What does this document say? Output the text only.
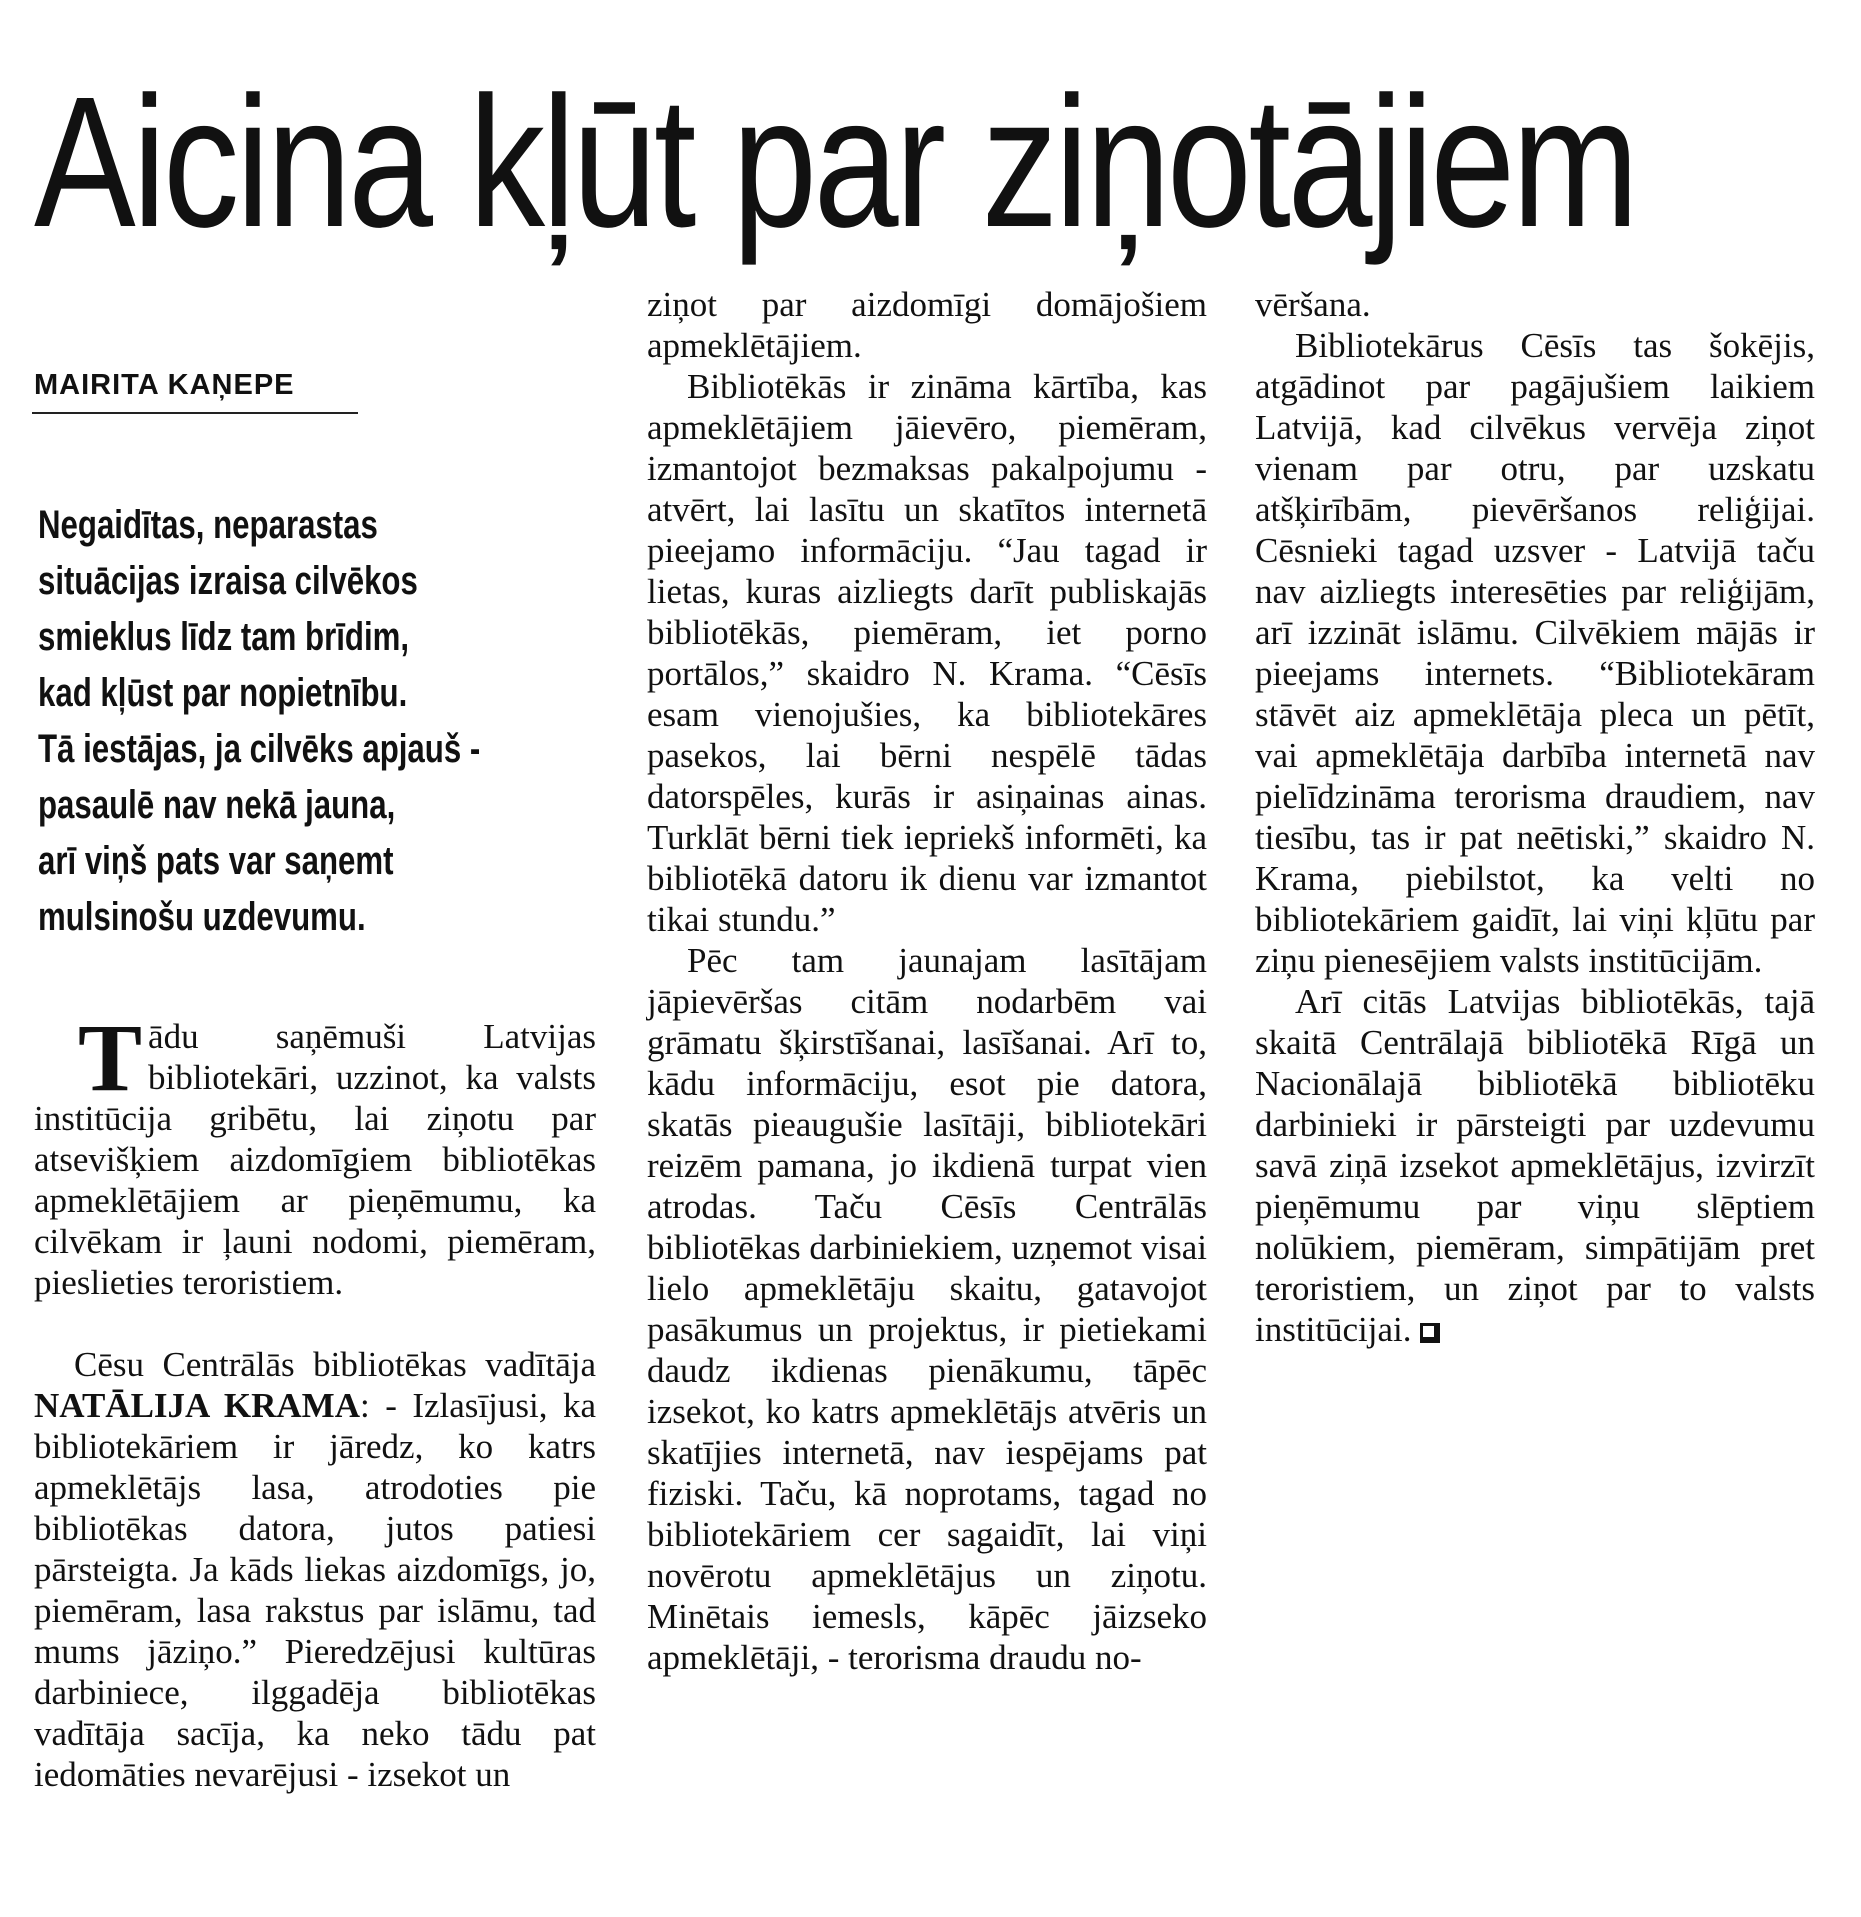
Aicina kļūt par ziņotājiem
MAIRITA KAŅEPE
Negaidītas, neparastas
situācijas izraisa cilvēkos
smieklus līdz tam brīdim,
kad kļūst par nopietnību.
Tā iestājas, ja cilvēks apjauš -
pasaulē nav nekā jauna,
arī viņš pats var saņemt
mulsinošu uzdevumu.

Tādu saņēmuši Latvijas bibliotekāri, uzzinot, ka valsts institūcija gribētu, lai ziņotu par atsevišķiem aizdomīgiem bibliotēkas apmeklētājiem ar pieņēmumu, ka cilvēkam ir ļauni nodomi, piemēram, pieslieties teroristiem.

Cēsu Centrālās bibliotēkas vadītāja NATĀLIJA KRAMA: - Izlasījusi, ka bibliotekāriem ir jāredz, ko katrs apmeklētājs lasa, atrodoties pie bibliotēkas datora, jutos patiesi pārsteigta. Ja kāds liekas aizdomīgs, jo, piemēram, lasa rakstus par islāmu, tad mums jāziņo.” Pieredzējusi kultūras darbiniece, ilggadēja bibliotēkas vadītāja sacīja, ka neko tādu pat iedomāties nevarējusi - izsekot un

ziņot par aizdomīgi domājošiem apmeklētājiem.

Bibliotēkās ir zināma kārtība, kas apmeklētājiem jāievēro, piemēram, izmantojot bezmaksas pakalpojumu - atvērt, lai lasītu un skatītos internetā pieejamo informāciju. “Jau tagad ir lietas, kuras aizliegts darīt publiskajās bibliotēkās, piemēram, iet porno portālos,” skaidro N. Krama. “Cēsīs esam vienojušies, ka bibliotekāres pasekos, lai bērni nespēlē tādas datorspēles, kurās ir asiņainas ainas. Turklāt bērni tiek iepriekš informēti, ka bibliotēkā datoru ik dienu var izmantot tikai stundu.”

Pēc tam jaunajam lasītājam jāpievēršas citām nodarbēm vai grāmatu šķirstīšanai, lasīšanai. Arī to, kādu informāciju, esot pie datora, skatās pieaugušie lasītāji, bibliotekāri reizēm pamana, jo ikdienā turpat vien atrodas. Taču Cēsīs Centrālās bibliotēkas darbiniekiem, uzņemot visai lielo apmeklētāju skaitu, gatavojot pasākumus un projektus, ir pietiekami daudz ikdienas pienākumu, tāpēc izsekot, ko katrs apmeklētājs atvēris un skatījies internetā, nav iespējams pat fiziski. Taču, kā noprotams, tagad no bibliotekāriem cer sagaidīt, lai viņi novērotu apmeklētājus un ziņotu. Minētais iemesls, kāpēc jāizseko apmeklētāji, - terorisma draudu no-

vēršana.

Bibliotekārus Cēsīs tas šokējis, atgādinot par pagājušiem laikiem Latvijā, kad cilvēkus vervēja ziņot vienam par otru, par uzskatu atšķirībām, pievēršanos reliģijai. Cēsnieki tagad uzsver - Latvijā taču nav aizliegts interesēties par reliģijām, arī izzināt islāmu. Cilvēkiem mājās ir pieejams internets. “Bibliotekāram stāvēt aiz apmeklētāja pleca un pētīt, vai apmeklētāja darbība internetā nav pielīdzināma terorisma draudiem, nav tiesību, tas ir pat neētiski,” skaidro N. Krama, piebilstot, ka velti no bibliotekāriem gaidīt, lai viņi kļūtu par ziņu pienesējiem valsts institūcijām.

Arī citās Latvijas bibliotēkās, tajā skaitā Centrālajā bibliotēkā Rīgā un Nacionālajā bibliotēkā bibliotēku darbinieki ir pārsteigti par uzdevumu savā ziņā izsekot apmeklētājus, izvirzīt pieņēmumu par viņu slēptiem nolūkiem, piemēram, simpātijām pret teroristiem, un ziņot par to valsts institūcijai.
